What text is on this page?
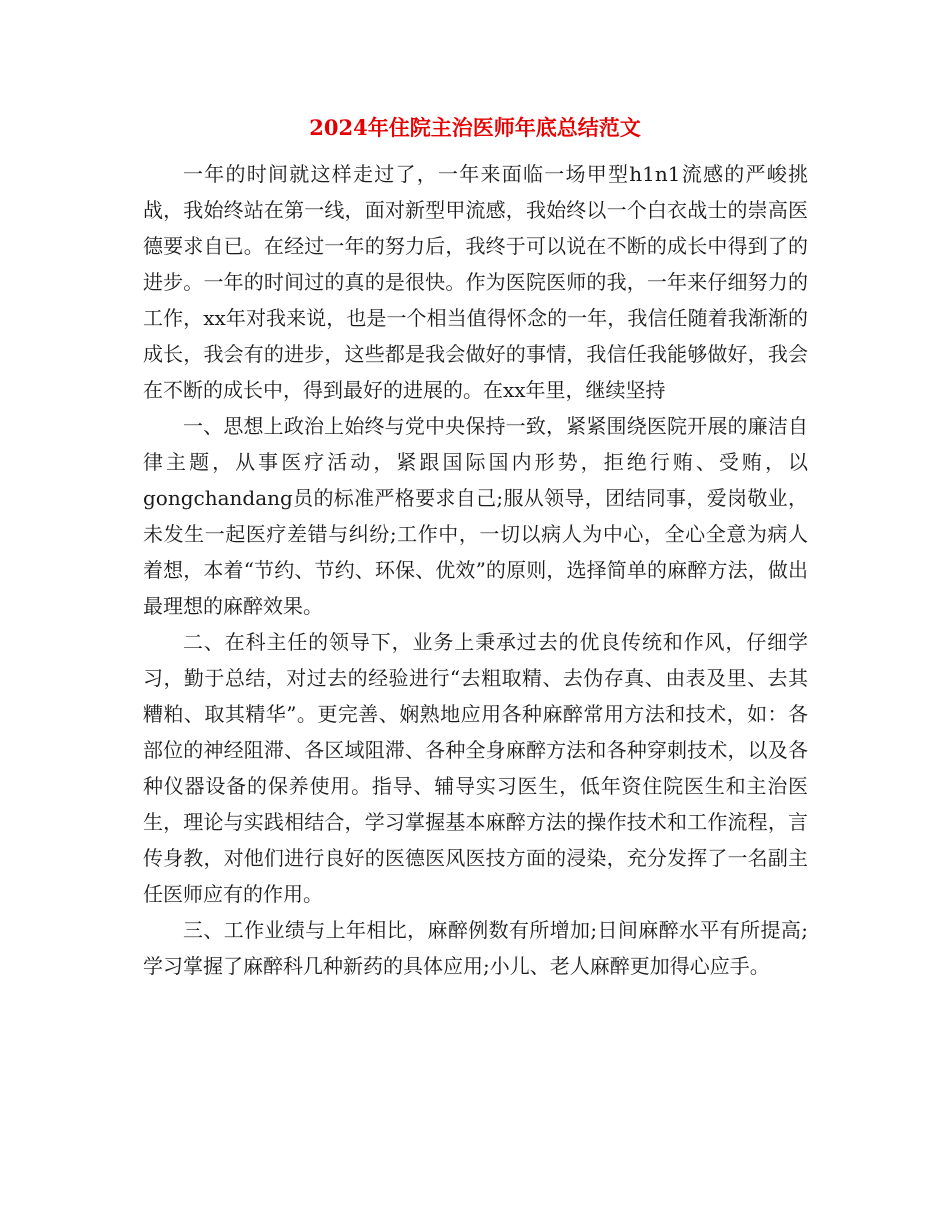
2024年住院主治医师年底总结范文

一年的时间就这样走过了，一年来面临一场甲型h1n1流感的严峻挑战，我始终站在第一线，面对新型甲流感，我始终以一个白衣战士的崇高医德要求自已。在经过一年的努力后，我终于可以说在不断的成长中得到了的进步。一年的时间过的真的是很快。作为医院医师的我，一年来仔细努力的工作，xx年对我来说，也是一个相当值得怀念的一年，我信任随着我渐渐的成长，我会有的进步，这些都是我会做好的事情，我信任我能够做好，我会在不断的成长中，得到最好的进展的。在xx年里，继续坚持

一、思想上政治上始终与党中央保持一致，紧紧围绕医院开展的廉洁自律主题，从事医疗活动，紧跟国际国内形势，拒绝行贿、受贿，以gongchandang员的标准严格要求自己;服从领导，团结同事，爱岗敬业，未发生一起医疗差错与纠纷;工作中，一切以病人为中心，全心全意为病人着想，本着“节约、节约、环保、优效”的原则，选择简单的麻醉方法，做出最理想的麻醉效果。

二、在科主任的领导下，业务上秉承过去的优良传统和作风，仔细学习，勤于总结，对过去的经验进行“去粗取精、去伪存真、由表及里、去其糟粕、取其精华”。更完善、娴熟地应用各种麻醉常用方法和技术，如：各部位的神经阻滞、各区域阻滞、各种全身麻醉方法和各种穿刺技术，以及各种仪器设备的保养使用。指导、辅导实习医生，低年资住院医生和主治医生，理论与实践相结合，学习掌握基本麻醉方法的操作技术和工作流程，言传身教，对他们进行良好的医德医风医技方面的浸染，充分发挥了一名副主任医师应有的作用。

三、工作业绩与上年相比，麻醉例数有所增加;日间麻醉水平有所提高;学习掌握了麻醉科几种新药的具体应用;小儿、老人麻醉更加得心应手。
